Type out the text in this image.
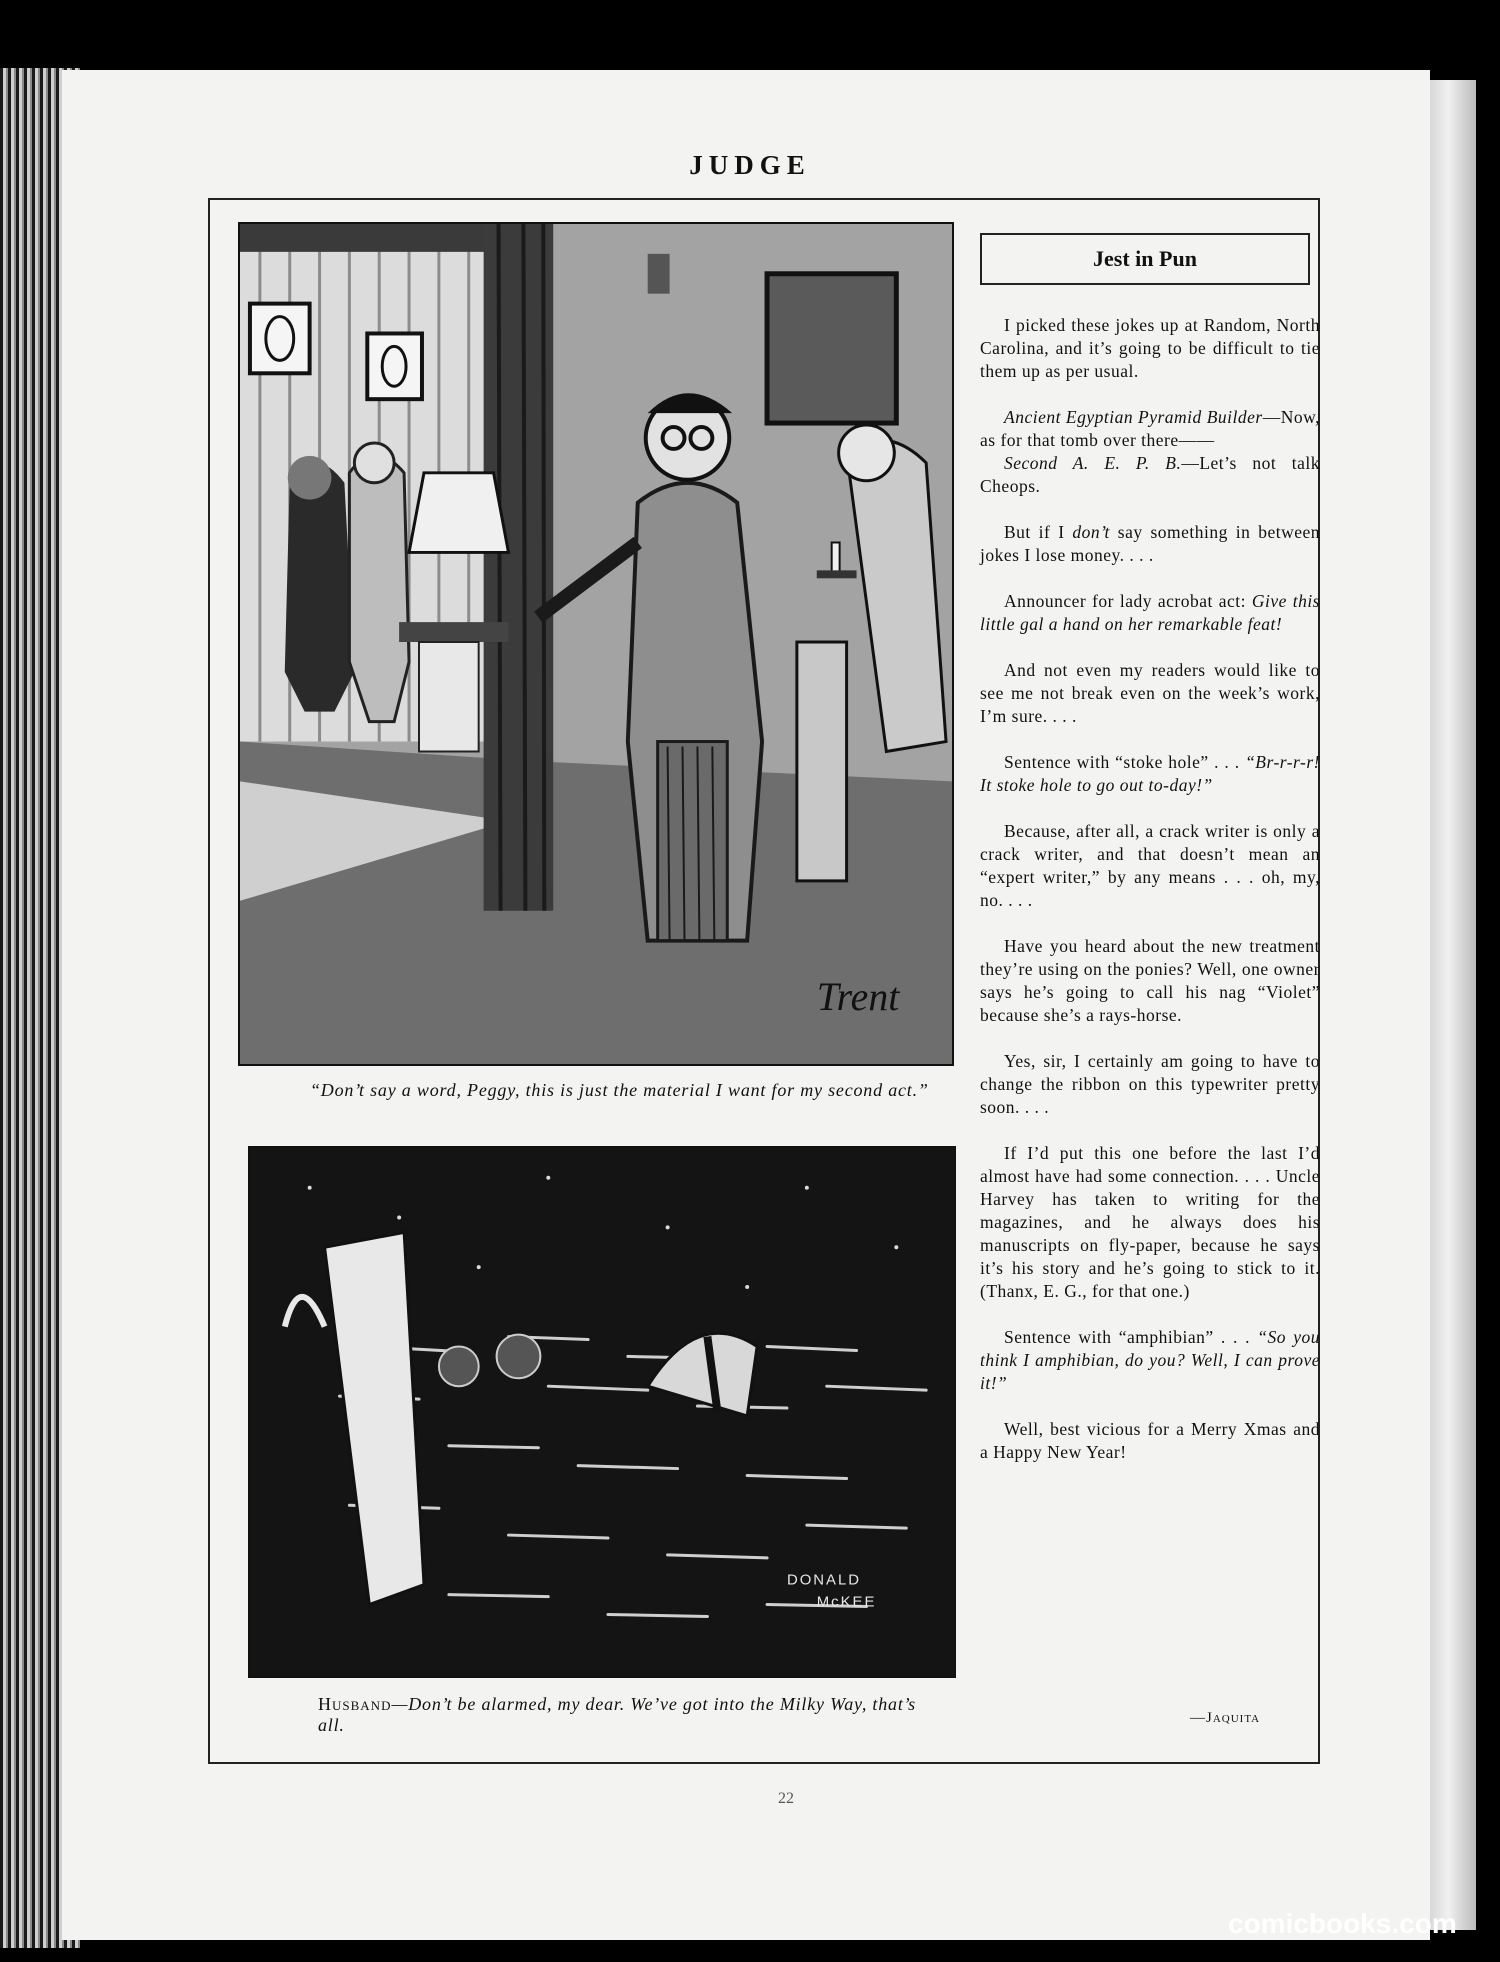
JUDGE
Trent
“Don’t say a word, Peggy, this is just the material I want for my second act.”
DONALD
McKEE
Husband—Don’t be alarmed, my dear. We’ve got into the Milky Way, that’s all.
Jest in Pun

I picked these jokes up at Random, North Carolina, and it’s going to be difficult to tie them up as per usual.

Ancient Egyptian Pyramid Builder—Now, as for that tomb over there——

Second A. E. P. B.—Let’s not talk Cheops.

But if I don’t say something in between jokes I lose money. . . .

Announcer for lady acrobat act: Give this little gal a hand on her remarkable feat!

And not even my readers would like to see me not break even on the week’s work, I’m sure. . . .

Sentence with “stoke hole” . . . “Br-r-r-r! It stoke hole to go out to-day!”

Because, after all, a crack writer is only a crack writer, and that doesn’t mean an “expert writer,” by any means . . . oh, my, no. . . .

Have you heard about the new treatment they’re using on the ponies? Well, one owner says he’s going to call his nag “Violet” because she’s a rays-horse.

Yes, sir, I certainly am going to have to change the ribbon on this typewriter pretty soon. . . .

If I’d put this one before the last I’d almost have had some connection. . . . Uncle Harvey has taken to writing for the magazines, and he always does his manuscripts on fly-paper, because he says it’s his story and he’s going to stick to it. (Thanx, E. G., for that one.)

Sentence with “amphibian” . . . “So you think I amphibian, do you? Well, I can prove it!”

Well, best vicious for a Merry Xmas and a Happy New Year!

—Jaquita
22
comicbooks.com
